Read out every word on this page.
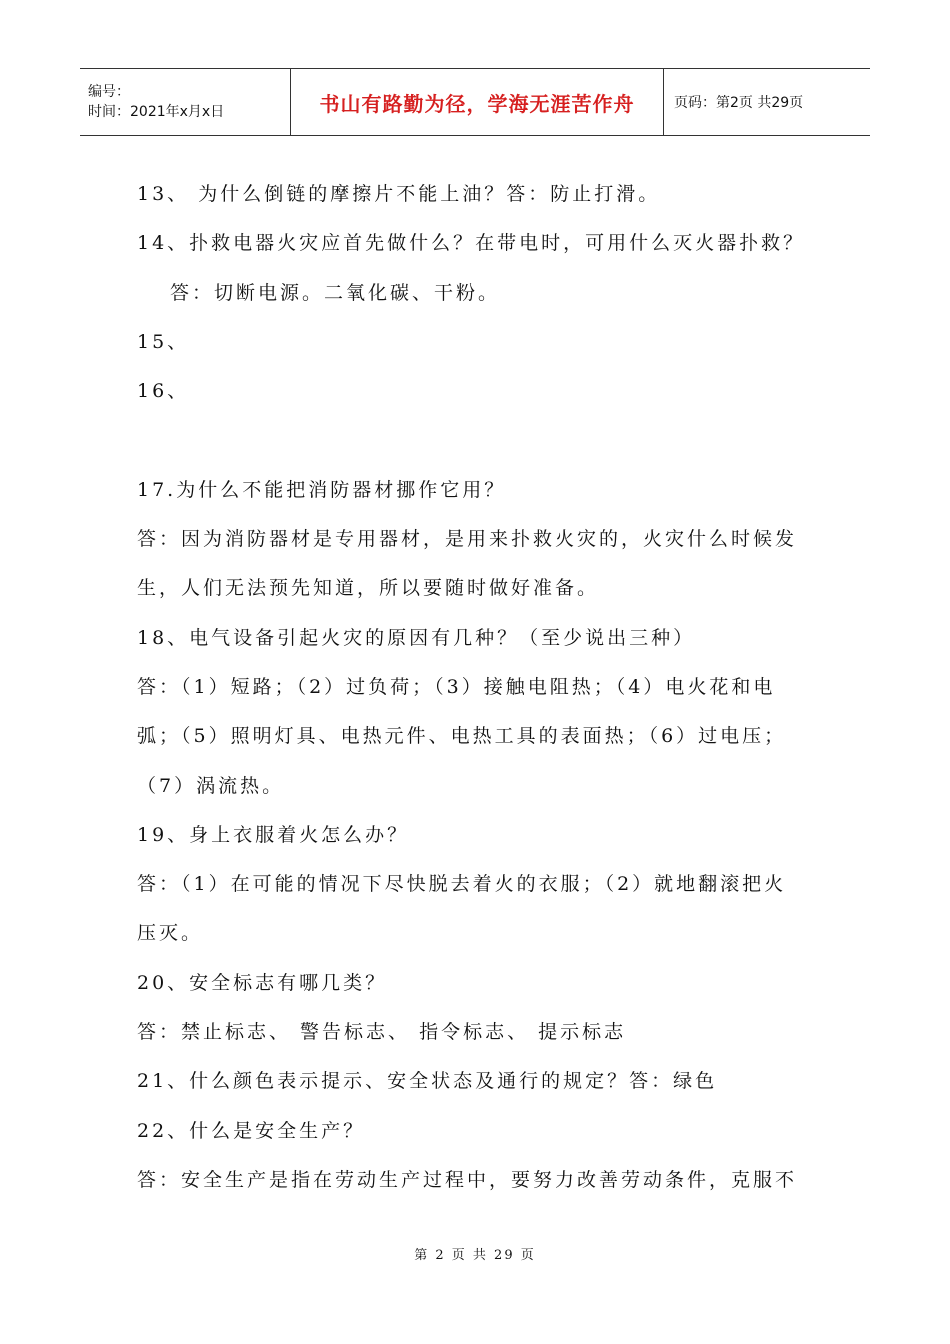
编号：
时间：2021年x月x日	书山有路勤为径，学海无涯苦作舟	页码：第2页 共29页
13、 为什么倒链的摩擦片不能上油？答：防止打滑。
14、扑救电器火灾应首先做什么？在带电时，可用什么灭火器扑救？
答：切断电源。二氧化碳、干粉。
15、
16、
17.为什么不能把消防器材挪作它用？
答：因为消防器材是专用器材，是用来扑救火灾的，火灾什么时候发
生，人们无法预先知道，所以要随时做好准备。
18、电气设备引起火灾的原因有几种？（至少说出三种）
答：（1）短路；（2）过负荷；（3）接触电阻热；（4）电火花和电
弧；（5）照明灯具、电热元件、电热工具的表面热；（6）过电压；
（7）涡流热。
19、身上衣服着火怎么办？
答：（1）在可能的情况下尽快脱去着火的衣服；（2）就地翻滚把火
压灭。
20、安全标志有哪几类？
答：禁止标志、 警告标志、 指令标志、 提示标志
21、什么颜色表示提示、安全状态及通行的规定？答：绿色
22、什么是安全生产？
答：安全生产是指在劳动生产过程中，要努力改善劳动条件，克服不
第 2 页 共 29 页
